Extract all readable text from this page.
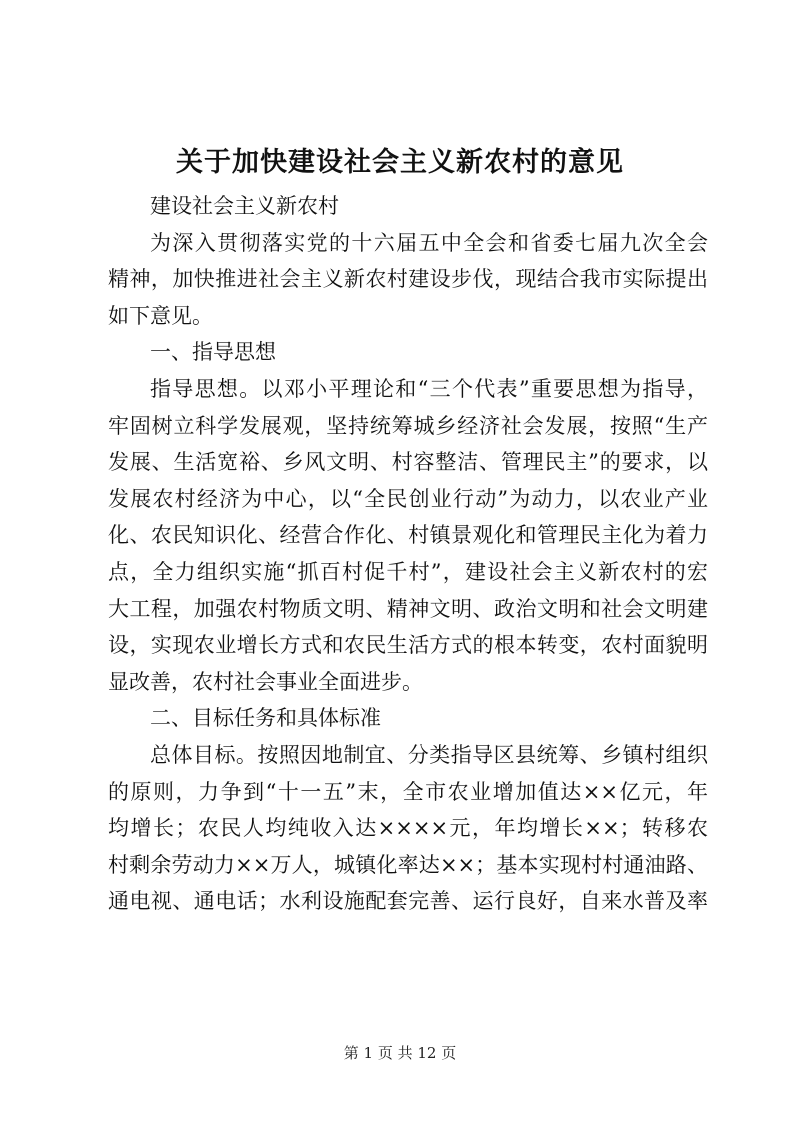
关于加快建设社会主义新农村的意见
建设社会主义新农村
为深入贯彻落实党的十六届五中全会和省委七届九次全会
精神，加快推进社会主义新农村建设步伐，现结合我市实际提出
如下意见。
一、指导思想
指导思想。以邓小平理论和“三个代表”重要思想为指导，
牢固树立科学发展观，坚持统筹城乡经济社会发展，按照“生产
发展、生活宽裕、乡风文明、村容整洁、管理民主”的要求，以
发展农村经济为中心，以“全民创业行动”为动力，以农业产业
化、农民知识化、经营合作化、村镇景观化和管理民主化为着力
点，全力组织实施“抓百村促千村”，建设社会主义新农村的宏
大工程，加强农村物质文明、精神文明、政治文明和社会文明建
设，实现农业增长方式和农民生活方式的根本转变，农村面貌明
显改善，农村社会事业全面进步。
二、目标任务和具体标准
总体目标。按照因地制宜、分类指导区县统筹、乡镇村组织
的原则，力争到“十一五”末，全市农业增加值达××亿元，年
均增长；农民人均纯收入达××××元，年均增长××；转移农
村剩余劳动力××万人，城镇化率达××；基本实现村村通油路、
通电视、通电话；水利设施配套完善、运行良好，自来水普及率
第 1 页 共 12 页
